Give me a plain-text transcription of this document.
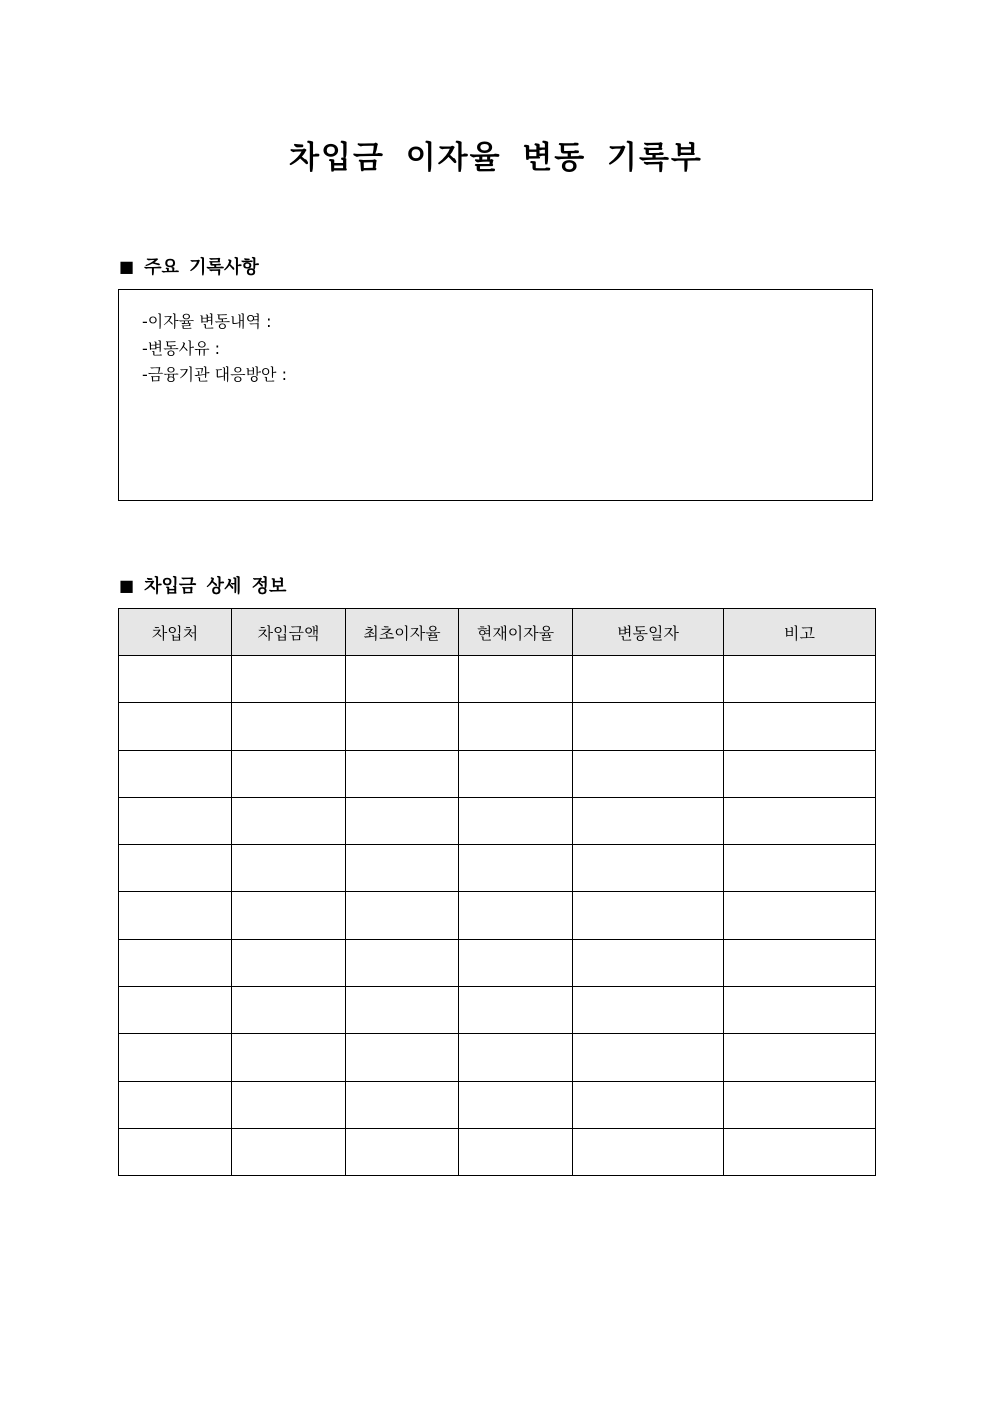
차입금 이자율 변동 기록부
■ 주요 기록사항
-이자율 변동내역 :
-변동사유 :
-금융기관 대응방안 :
■ 차입금 상세 정보
차입처	차입금액	최초이자율	현재이자율	변동일자	비고
